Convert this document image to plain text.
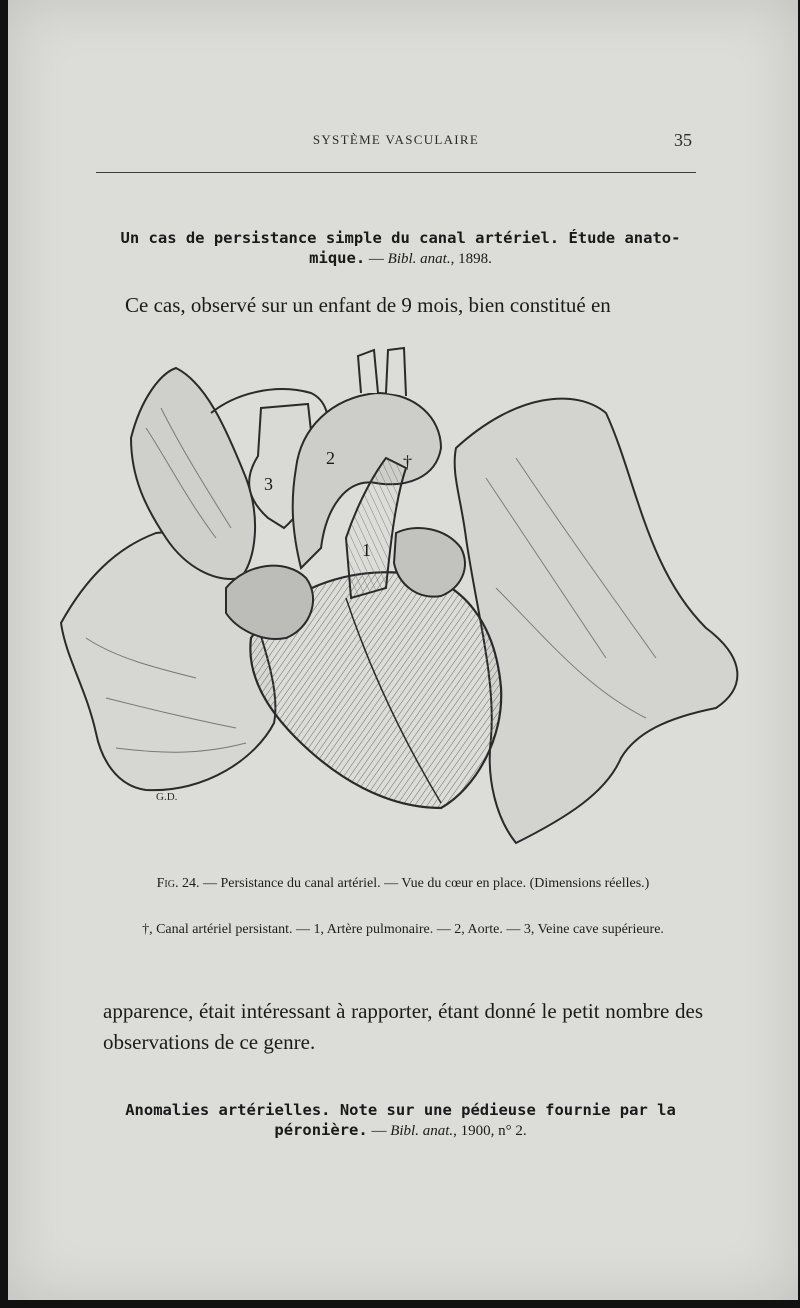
SYSTÈME VASCULAIRE	35
Un cas de persistance simple du canal artériel. Étude anato-mique. — Bibl. anat., 1898.
Ce cas, observé sur un enfant de 9 mois, bien constitué en
3
2	†
1
G.D.
Fig. 24. — Persistance du canal artériel. — Vue du cœur en place. (Dimensions réelles.)
†, Canal artériel persistant. — 1, Artère pulmonaire. — 2, Aorte. — 3, Veine cave supérieure.
apparence, était intéressant à rapporter, étant donné le petit nombre des observations de ce genre.
Anomalies artérielles. Note sur une pédieuse fournie par la péronière. — Bibl. anat., 1900, n° 2.
